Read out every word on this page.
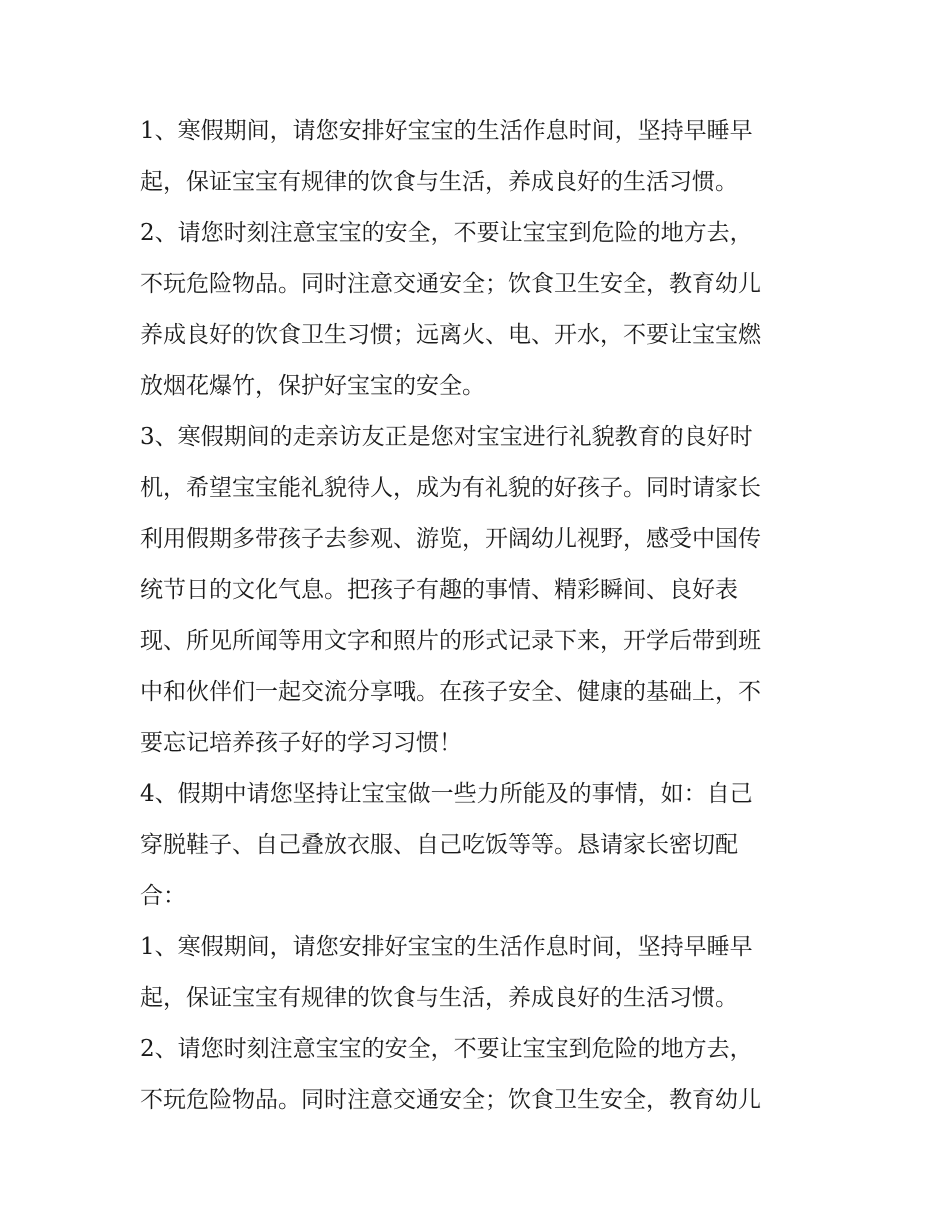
1、寒假期间，请您安排好宝宝的生活作息时间，坚持早睡早
起，保证宝宝有规律的饮食与生活，养成良好的生活习惯。
2、请您时刻注意宝宝的安全，不要让宝宝到危险的地方去，
不玩危险物品。同时注意交通安全；饮食卫生安全，教育幼儿
养成良好的饮食卫生习惯；远离火、电、开水，不要让宝宝燃
放烟花爆竹，保护好宝宝的安全。
3、寒假期间的走亲访友正是您对宝宝进行礼貌教育的良好时
机，希望宝宝能礼貌待人，成为有礼貌的好孩子。同时请家长
利用假期多带孩子去参观、游览，开阔幼儿视野，感受中国传
统节日的文化气息。把孩子有趣的事情、精彩瞬间、良好表
现、所见所闻等用文字和照片的形式记录下来，开学后带到班
中和伙伴们一起交流分享哦。在孩子安全、健康的基础上，不
要忘记培养孩子好的学习习惯！
4、假期中请您坚持让宝宝做一些力所能及的事情，如：自己
穿脱鞋子、自己叠放衣服、自己吃饭等等。恳请家长密切配
合：
1、寒假期间，请您安排好宝宝的生活作息时间，坚持早睡早
起，保证宝宝有规律的饮食与生活，养成良好的生活习惯。
2、请您时刻注意宝宝的安全，不要让宝宝到危险的地方去，
不玩危险物品。同时注意交通安全；饮食卫生安全，教育幼儿
